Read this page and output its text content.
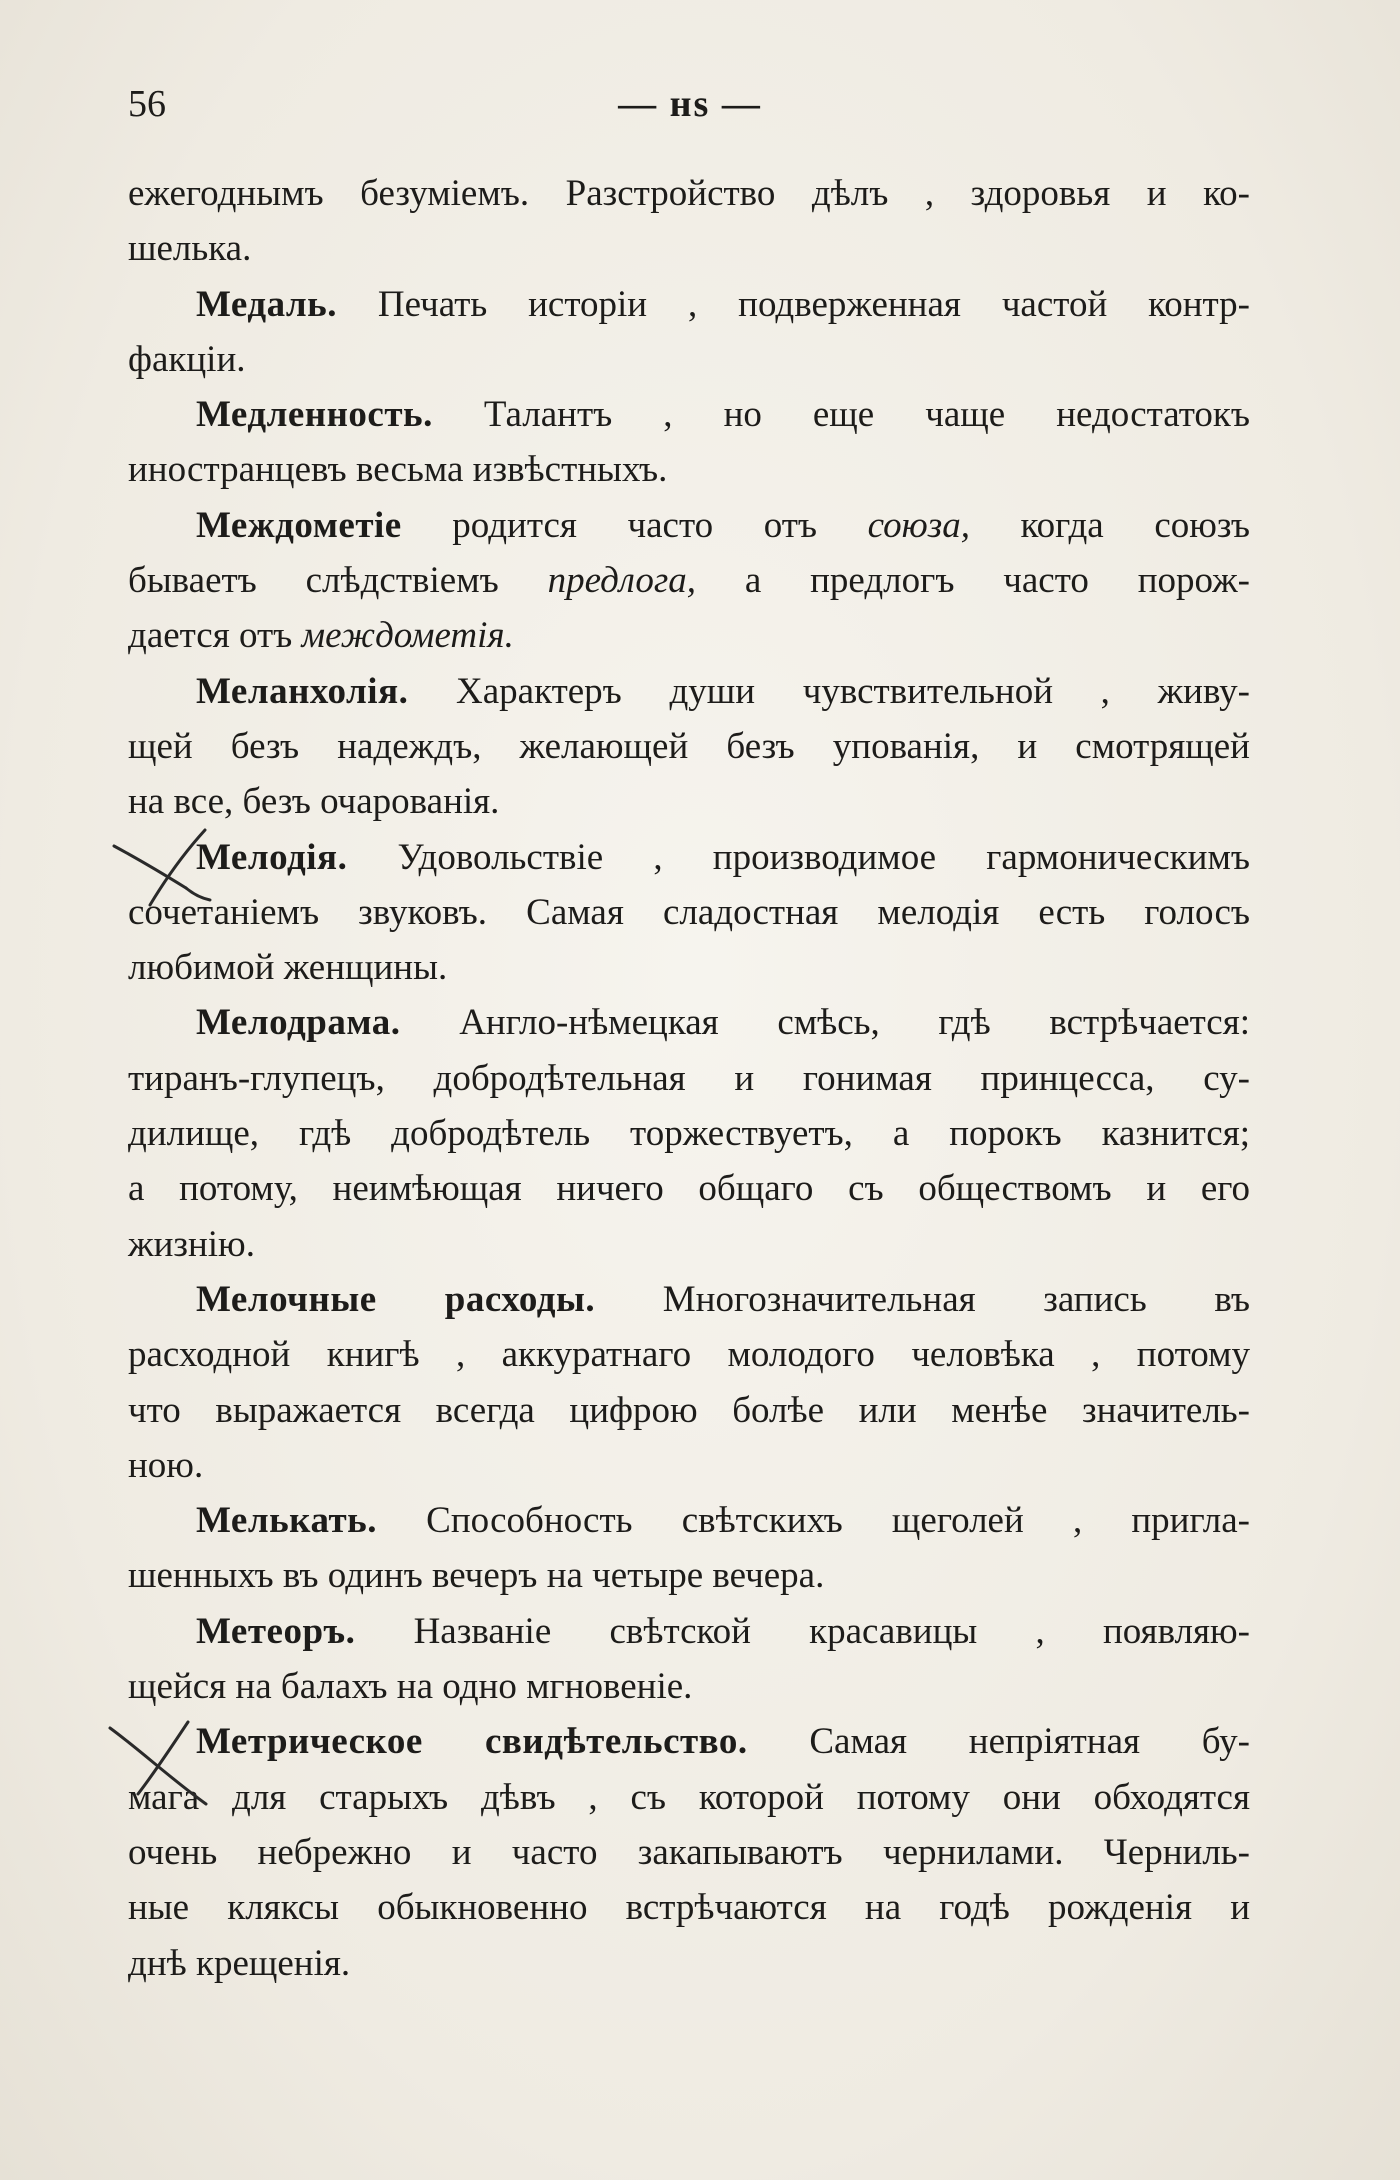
56	— нѕ —
ежегоднымъ безуміемъ. Разстройство дѣлъ , здоровья и ко-
шелька.
Медаль. Печать исторіи , подверженная частой контр-
факціи.
Медленность. Талантъ , но еще чаще недостатокъ
иностранцевъ весьма извѣстныхъ.
Междометіе родится часто отъ союза, когда союзъ
бываетъ слѣдствіемъ предлога, а предлогъ часто порож-
дается отъ междометія.
Меланхолія. Характеръ души чувствительной , живу-
щей безъ надеждъ, желающей безъ упованія, и смотрящей
на все, безъ очарованія.
Мелодія. Удовольствіе , производимое гармоническимъ
сочетаніемъ звуковъ. Самая сладостная мелодія есть голосъ
любимой женщины.
Мелодрама. Англо-нѣмецкая смѣсь, гдѣ встрѣчается:
тиранъ-глупецъ, добродѣтельная и гонимая принцесса, су-
дилище, гдѣ добродѣтель торжествуетъ, а порокъ казнится;
а потому, неимѣющая ничего общаго съ обществомъ и его
жизнію.
Мелочные расходы. Многозначительная запись въ
расходной книгѣ , аккуратнаго молодого человѣка , потому
что выражается всегда цифрою болѣе или менѣе значитель-
ною.
Мелькать. Способность свѣтскихъ щеголей , пригла-
шенныхъ въ одинъ вечеръ на четыре вечера.
Метеоръ. Названіе свѣтской красавицы , появляю-
щейся на балахъ на одно мгновеніе.
Метрическое свидѣтельство. Самая непріятная бу-
мага для старыхъ дѣвъ , съ которой потому они обходятся
очень небрежно и часто закапываютъ чернилами. Черниль-
ные кляксы обыкновенно встрѣчаются на годѣ рожденія и
днѣ крещенія.
